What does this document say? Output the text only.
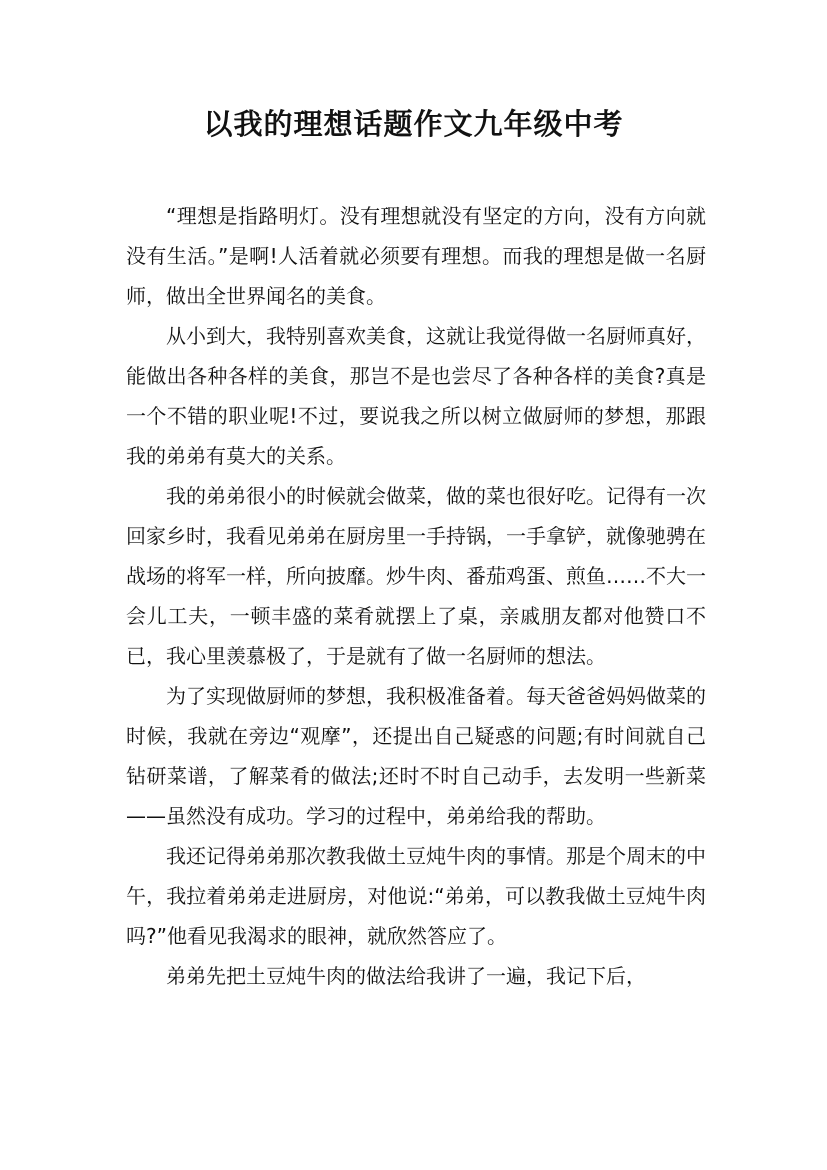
以我的理想话题作文九年级中考

“理想是指路明灯。没有理想就没有坚定的方向，没有方向就没有生活。”是啊!人活着就必须要有理想。而我的理想是做一名厨师，做出全世界闻名的美食。

从小到大，我特别喜欢美食，这就让我觉得做一名厨师真好，能做出各种各样的美食，那岂不是也尝尽了各种各样的美食?真是一个不错的职业呢!不过，要说我之所以树立做厨师的梦想，那跟我的弟弟有莫大的关系。

我的弟弟很小的时候就会做菜，做的菜也很好吃。记得有一次回家乡时，我看见弟弟在厨房里一手持锅，一手拿铲，就像驰骋在战场的将军一样，所向披靡。炒牛肉、番茄鸡蛋、煎鱼……不大一会儿工夫，一顿丰盛的菜肴就摆上了桌，亲戚朋友都对他赞口不已，我心里羡慕极了，于是就有了做一名厨师的想法。

为了实现做厨师的梦想，我积极准备着。每天爸爸妈妈做菜的时候，我就在旁边“观摩”，还提出自己疑惑的问题;有时间就自己钻研菜谱，了解菜肴的做法;还时不时自己动手，去发明一些新菜——虽然没有成功。学习的过程中，弟弟给我的帮助。

我还记得弟弟那次教我做土豆炖牛肉的事情。那是个周末的中午，我拉着弟弟走进厨房，对他说:“弟弟，可以教我做土豆炖牛肉吗?”他看见我渴求的眼神，就欣然答应了。

弟弟先把土豆炖牛肉的做法给我讲了一遍，我记下后，
